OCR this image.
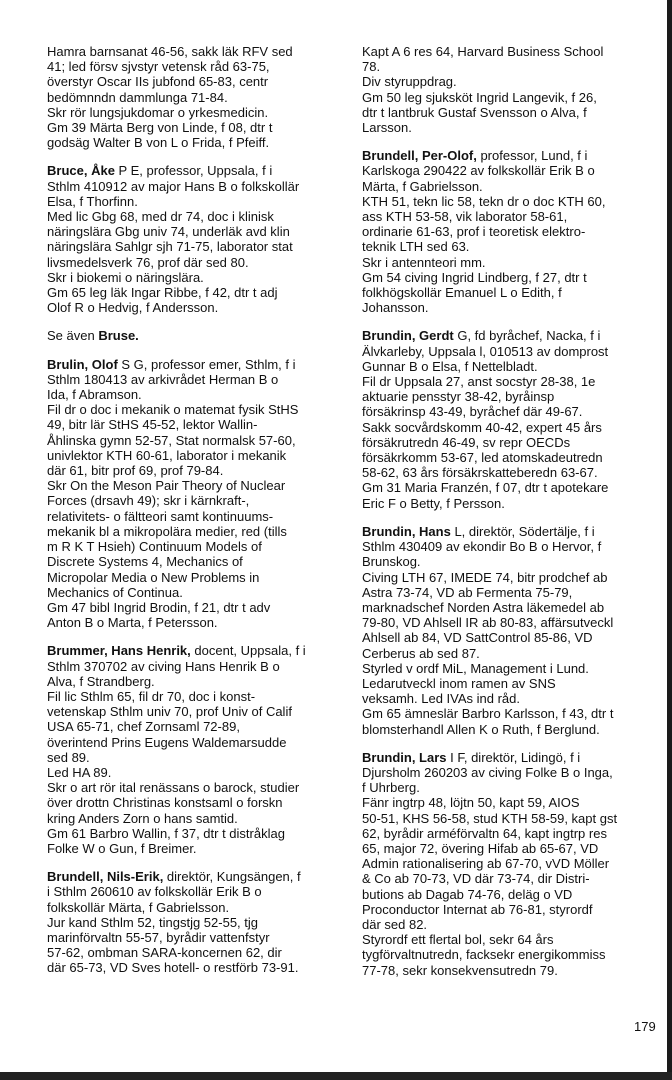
Hamra barnsanat 46-56, sakk läk RFV sed
41; led försv sjvstyr vetensk råd 63-75,
överstyr Oscar IIs jubfond 65-83, centr
bedömnndn dammlunga 71-84.
Skr rör lungsjukdomar o yrkesmedicin.
Gm 39 Märta Berg von Linde, f 08, dtr t
godsäg Walter B von L o Frida, f Pfeiff.

Bruce, Åke P E, professor, Uppsala, f i
Sthlm 410912 av major Hans B o folkskollär
Elsa, f Thorfinn.
Med lic Gbg 68, med dr 74, doc i klinisk
näringslära Gbg univ 74, underläk avd klin
näringslära Sahlgr sjh 71-75, laborator stat
livsmedelsverk 76, prof där sed 80.
Skr i biokemi o näringslära.
Gm 65 leg läk Ingar Ribbe, f 42, dtr t adj
Olof R o Hedvig, f Andersson.

Se även Bruse.

Brulin, Olof S G, professor emer, Sthlm, f i
Sthlm 180413 av arkivrådet Herman B o
Ida, f Abramson.
Fil dr o doc i mekanik o matemat fysik StHS
49, bitr lär StHS 45-52, lektor Wallin-
Åhlinska gymn 52-57, Stat normalsk 57-60,
univlektor KTH 60-61, laborator i mekanik
där 61, bitr prof 69, prof 79-84.
Skr On the Meson Pair Theory of Nuclear
Forces (drsavh 49); skr i kärnkraft-,
relativitets- o fältteori samt kontinuums-
mekanik bl a mikropolära medier, red (tills
m R K T Hsieh) Continuum Models of
Discrete Systems 4, Mechanics of
Micropolar Media o New Problems in
Mechanics of Continua.
Gm 47 bibl Ingrid Brodin, f 21, dtr t adv
Anton B o Marta, f Petersson.

Brummer, Hans Henrik, docent, Uppsala, f i
Sthlm 370702 av civing Hans Henrik B o
Alva, f Strandberg.
Fil lic Sthlm 65, fil dr 70, doc i konst-
vetenskap Sthlm univ 70, prof Univ of Calif
USA 65-71, chef Zornsaml 72-89,
överintend Prins Eugens Waldemarsudde
sed 89.
Led HA 89.
Skr o art rör ital renässans o barock, studier
över drottn Christinas konstsaml o forskn
kring Anders Zorn o hans samtid.
Gm 61 Barbro Wallin, f 37, dtr t distråklag
Folke W o Gun, f Breimer.

Brundell, Nils-Erik, direktör, Kungsängen, f
i Sthlm 260610 av folkskollär Erik B o
folkskollär Märta, f Gabrielsson.
Jur kand Sthlm 52, tingstjg 52-55, tjg
marinförvaltn 55-57, byrådir vattenfstyr
57-62, ombman SARA-koncernen 62, dir
där 65-73, VD Sves hotell- o restförb 73-91.

Kapt A 6 res 64, Harvard Business School
78.
Div styruppdrag.
Gm 50 leg sjuksköt Ingrid Langevik, f 26,
dtr t lantbruk Gustaf Svensson o Alva, f
Larsson.

Brundell, Per-Olof, professor, Lund, f i
Karlskoga 290422 av folkskollär Erik B o
Märta, f Gabrielsson.
KTH 51, tekn lic 58, tekn dr o doc KTH 60,
ass KTH 53-58, vik laborator 58-61,
ordinarie 61-63, prof i teoretisk elektro-
teknik LTH sed 63.
Skr i antennteori mm.
Gm 54 civing Ingrid Lindberg, f 27, dtr t
folkhögskollär Emanuel L o Edith, f
Johansson.

Brundin, Gerdt G, fd byråchef, Nacka, f i
Älvkarleby, Uppsala l, 010513 av domprost
Gunnar B o Elsa, f Nettelbladt.
Fil dr Uppsala 27, anst socstyr 28-38, 1e
aktuarie pensstyr 38-42, byråinsp
försäkrinsp 43-49, byråchef där 49-67.
Sakk socvårdskomm 40-42, expert 45 års
försäkrutredn 46-49, sv repr OECDs
försäkrkomm 53-67, led atomskadeutredn
58-62, 63 års försäkrskatteberedn 63-67.
Gm 31 Maria Franzén, f 07, dtr t apotekare
Eric F o Betty, f Persson.

Brundin, Hans L, direktör, Södertälje, f i
Sthlm 430409 av ekondir Bo B o Hervor, f
Brunskog.
Civing LTH 67, IMEDE 74, bitr prodchef ab
Astra 73-74, VD ab Fermenta 75-79,
marknadschef Norden Astra läkemedel ab
79-80, VD Ahlsell IR ab 80-83, affärsutveckl
Ahlsell ab 84, VD SattControl 85-86, VD
Cerberus ab sed 87.
Styrled v ordf MiL, Management i Lund.
Ledarutveckl inom ramen av SNS
veksamh. Led IVAs ind råd.
Gm 65 ämneslär Barbro Karlsson, f 43, dtr t
blomsterhandl Allen K o Ruth, f Berglund.

Brundin, Lars I F, direktör, Lidingö, f i
Djursholm 260203 av civing Folke B o Inga,
f Uhrberg.
Fänr ingtrp 48, löjtn 50, kapt 59, AIOS
50-51, KHS 56-58, stud KTH 58-59, kapt gst
62, byrådir arméförvaltn 64, kapt ingtrp res
65, major 72, övering Hifab ab 65-67, VD
Admin rationalisering ab 67-70, vVD Möller
& Co ab 70-73, VD där 73-74, dir Distri-
butions ab Dagab 74-76, deläg o VD
Proconductor Internat ab 76-81, styrordf
där sed 82.
Styrordf ett flertal bol, sekr 64 års
tygförvaltnutredn, facksekr energikommiss
77-78, sekr konsekvensutredn 79.

179
